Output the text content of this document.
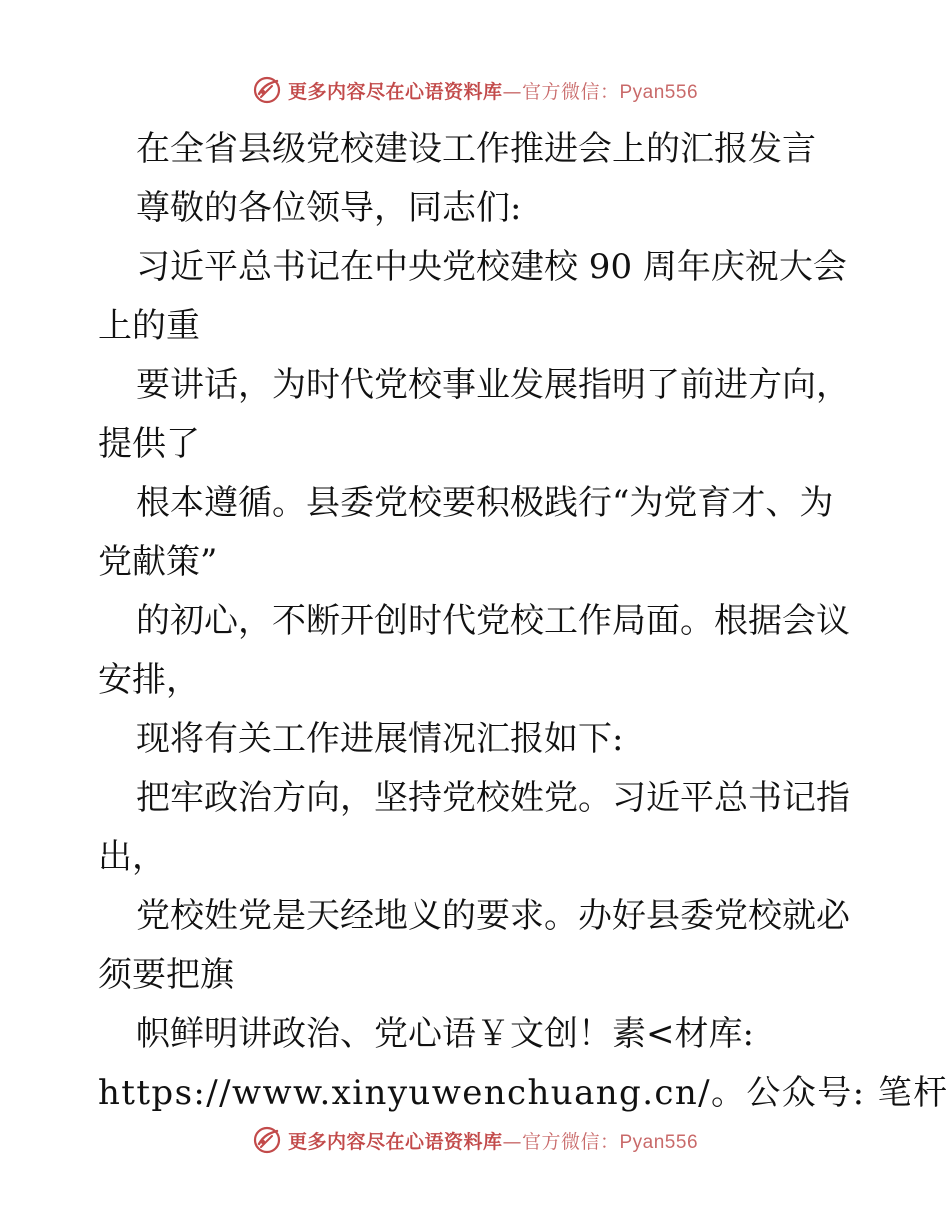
更多内容尽在心语资料库—官方微信：Pyan556
在全省县级党校建设工作推进会上的汇报发言
尊敬的各位领导，同志们:
习近平总书记在中央党校建校 90 周年庆祝大会
上的重
要讲话，为时代党校事业发展指明了前进方向，
提供了
根本遵循。县委党校要积极践行“为党育才、为
党献策”
的初心，不断开创时代党校工作局面。根据会议
安排，
现将有关工作进展情况汇报如下:
把牢政治方向，坚持党校姓党。习近平总书记指
出，
党校姓党是天经地义的要求。办好县委党校就必
须要把旗
帜鲜明讲政治、党心语￥文创！素<材库:
https://www.xinyuwenchuang.cn/。公众号: 笔杆
更多内容尽在心语资料库—官方微信：Pyan556
